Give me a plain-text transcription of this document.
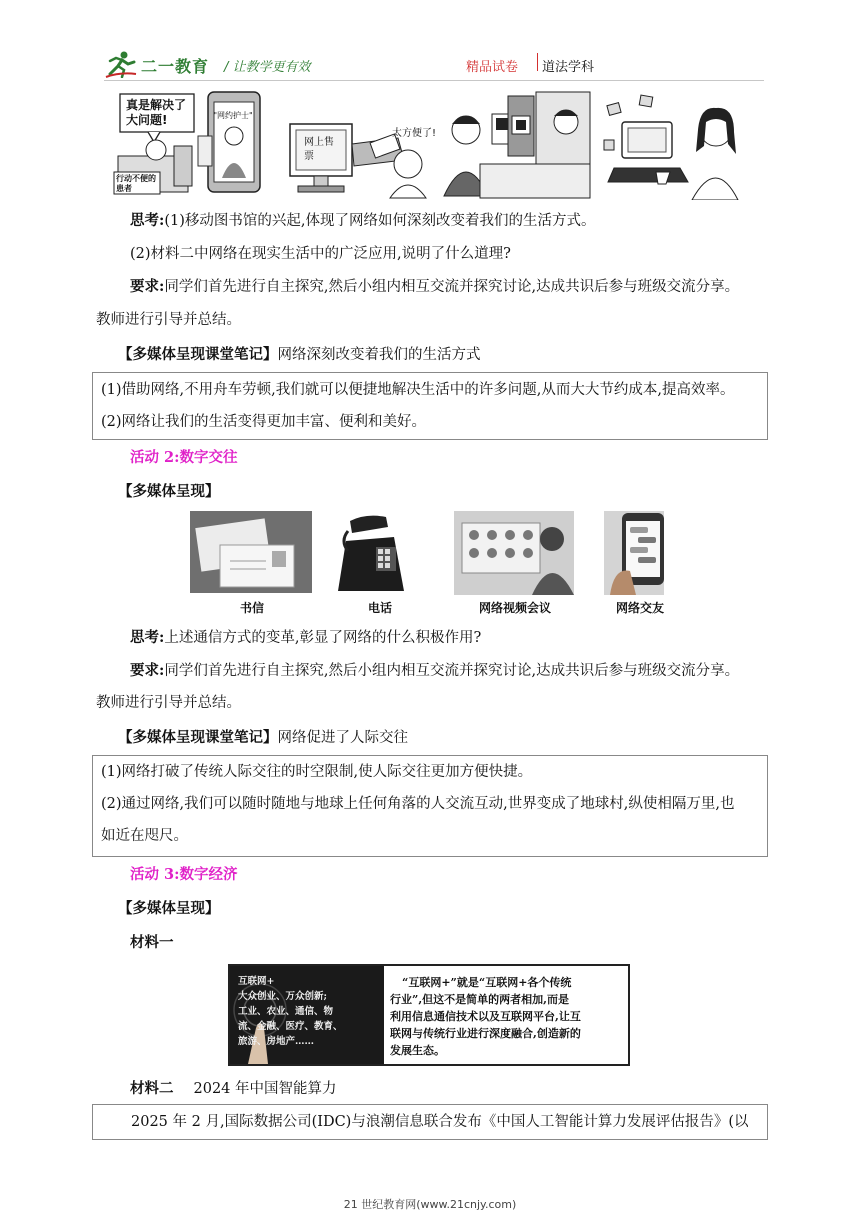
二一教育 / 让教学更有效	精品试卷 道法学科
真是解决了大问题!	"网约护士"
行动不便的患者
网上售票
太方便了!
思考:(1)移动图书馆的兴起,体现了网络如何深刻改变着我们的生活方式。
(2)材料二中网络在现实生活中的广泛应用,说明了什么道理?
要求:同学们首先进行自主探究,然后小组内相互交流并探究讨论,达成共识后参与班级交流分享。
教师进行引导并总结。
【多媒体呈现课堂笔记】网络深刻改变着我们的生活方式

(1)借助网络,不用舟车劳顿,我们就可以便捷地解决生活中的许多问题,从而大大节约成本,提高效率。

(2)网络让我们的生活变得更加丰富、便利和美好。

活动 2:数字交往
【多媒体呈现】
书信	电话	网络视频会议	网络交友
思考:上述通信方式的变革,彰显了网络的什么积极作用?
要求:同学们首先进行自主探究,然后小组内相互交流并探究讨论,达成共识后参与班级交流分享。
教师进行引导并总结。
【多媒体呈现课堂笔记】网络促进了人际交往

(1)网络打破了传统人际交往的时空限制,使人际交往更加方便快捷。

(2)通过网络,我们可以随时随地与地球上任何角落的人交流互动,世界变成了地球村,纵使相隔万里,也

如近在咫尺。

活动 3:数字经济
【多媒体呈现】
材料一
互联网+
大众创业、万众创新;
工业、农业、通信、物
流、金融、医疗、教育、
旅游、房地产……
“互联网+”就是“互联网+各个传统
行业”,但这不是简单的两者相加,而是
利用信息通信技术以及互联网平台,让互
联网与传统行业进行深度融合,创造新的
发展生态。
材料二 2024 年中国智能算力

2025 年 2 月,国际数据公司(IDC)与浪潮信息联合发布《中国人工智能计算力发展评估报告》(以

21 世纪教育网(www.21cnjy.com)
